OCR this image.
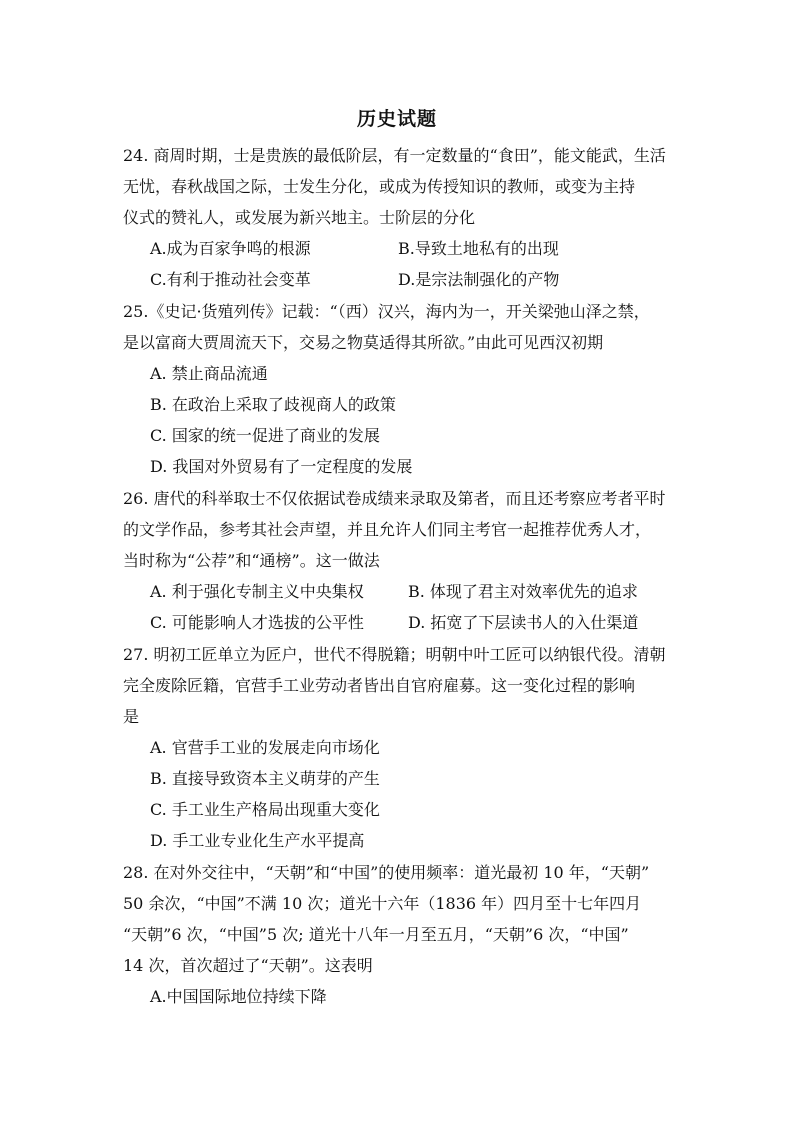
历史试题
24. 商周时期，士是贵族的最低阶层，有一定数量的“食田”，能文能武，生活
无忧，春秋战国之际，士发生分化，或成为传授知识的教师，或变为主持
仪式的赞礼人，或发展为新兴地主。士阶层的分化
A.成为百家争鸣的根源	B.导致土地私有的出现
C.有利于推动社会变革	D.是宗法制强化的产物
25.《史记·货殖列传》记载：“（西）汉兴，海内为一，开关梁弛山泽之禁，
是以富商大贾周流天下，交易之物莫适得其所欲。”由此可见西汉初期
A. 禁止商品流通
B. 在政治上采取了歧视商人的政策
C. 国家的统一促进了商业的发展
D. 我国对外贸易有了一定程度的发展
26. 唐代的科举取士不仅依据试卷成绩来录取及第者，而且还考察应考者平时
的文学作品，参考其社会声望，并且允许人们同主考官一起推荐优秀人才，
当时称为“公荐”和“通榜”。这一做法
A. 利于强化专制主义中央集权	B. 体现了君主对效率优先的追求
C. 可能影响人才选拔的公平性	D. 拓宽了下层读书人的入仕渠道
27. 明初工匠单立为匠户，世代不得脱籍；明朝中叶工匠可以纳银代役。清朝
完全废除匠籍，官营手工业劳动者皆出自官府雇募。这一变化过程的影响
是
A. 官营手工业的发展走向市场化
B. 直接导致资本主义萌芽的产生
C. 手工业生产格局出现重大变化
D. 手工业专业化生产水平提高
28. 在对外交往中，“天朝”和“中国”的使用频率：道光最初 10 年，“天朝”
50 余次，“中国”不满 10 次；道光十六年（1836 年）四月至十七年四月
“天朝”6 次，“中国”5 次; 道光十八年一月至五月，“天朝”6 次，“中国”
14 次，首次超过了“天朝”。这表明
A.中国国际地位持续下降
